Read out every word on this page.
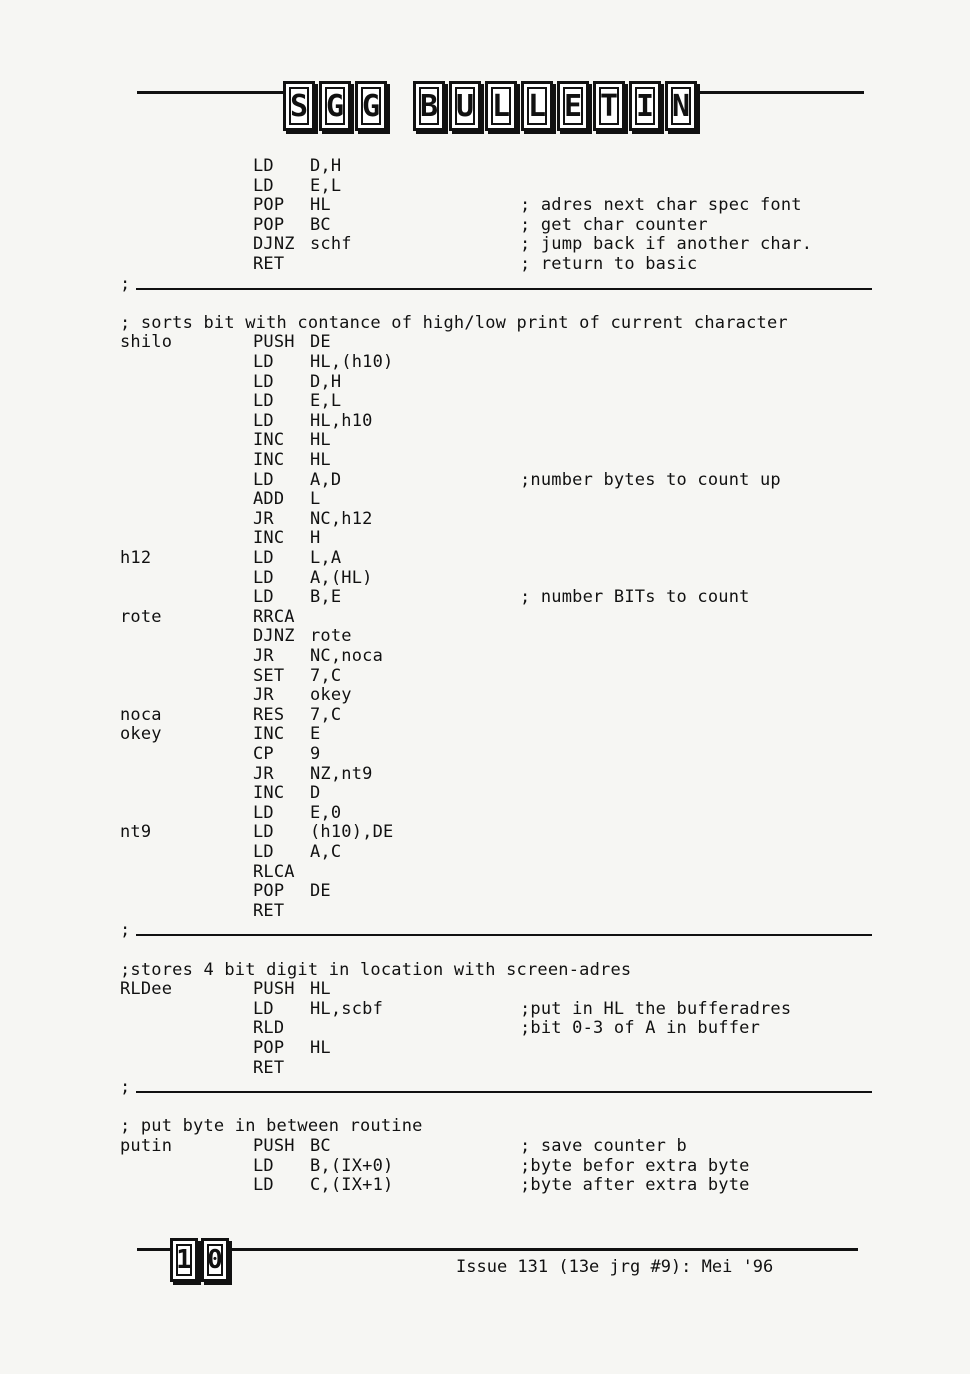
S G G B U L L E T I N
LD D,H
LD E,L
POP HL	; adres next char spec font
POP BC	; get char counter
DJNZ schf	; jump back if another char.
RET	; return to basic
;
; sorts bit with contance of high/low print of current character
shilo	PUSH DE
LD HL,(h10)
LD D,H
LD E,L
LD HL,h10
INC HL
INC HL
LD A,D	;number bytes to count up
ADD L
JR NC,h12
INC H
h12	LD L,A
LD A,(HL)
LD B,E	; number BITs to count
rote	RRCA
DJNZ rote
JR NC,noca
SET 7,C
JR okey
noca	RES 7,C
okey	INC E
CP 9
JR NZ,nt9
INC D
LD E,0
nt9	LD (h10),DE
LD A,C
RLCA
POP DE
RET
;
;stores 4 bit digit in location with screen-adres
RLDee	PUSH HL
LD HL,scbf	;put in HL the bufferadres
RLD	;bit 0-3 of A in buffer
POP HL
RET
;
; put byte in between routine
putin	PUSH BC	; save counter b
LD B,(IX+0)	;byte befor extra byte
LD C,(IX+1)	;byte after extra byte
1 0	Issue 131 (13e jrg #9): Mei '96
